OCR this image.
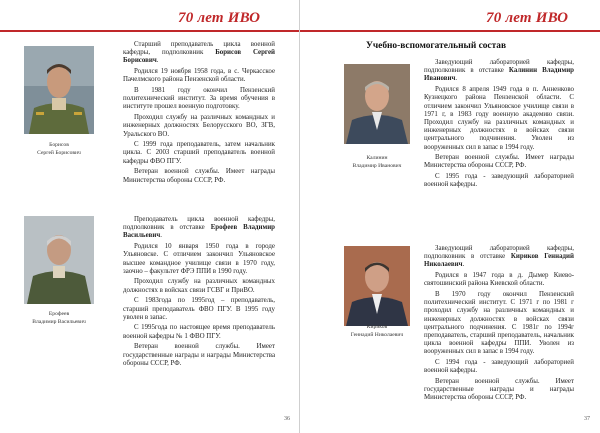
70 лет ИВО
Борисов
Сергей Борисович

Старший преподаватель цикла военной кафедры, подполковник Борисов Сергей Борисович.

Родился 19 ноября 1958 года, в с. Черкасское Пачелмского района Пензенской области.

В 1981 году окончил Пензенский политехнический институт. За время обучения в институте прошел военную подготовку.

Проходил службу на различных командных и инженерных должностях Белорусского ВО, ЗГВ, Уральского ВО.

С 1999 года преподаватель, затем начальник цикла. С 2003 старший преподаватель военной кафедры ФВО ПГУ.

Ветеран военной службы. Имеет награды Министерства обороны СССР, РФ.

Ерофеев
Владимир Васильевич

Преподаватель цикла военной кафедры, подполковник в отставке Ерофеев Владимир Васильевич.

Родился 10 января 1950 года в городе Ульяновске. С отличием закончил Ульяновское высшее командное училище связи в 1970 году, заочно – факультет ФРЭ ППИ в 1990 году.

Проходил службу на различных командных должностях в войсках связи ГСВГ и ПриВО.

С 1983года по 1995год – преподаватель, старший преподаватель ФВО ПГУ. В 1995 году уволен в запас.

С 1995года по настоящее время преподаватель военной кафедры № 1 ФВО ПГУ.

Ветеран военной службы. Имеет государственные награды и награды Министерства обороны СССР, РФ.

36
70 лет ИВО
Учебно-вспомогательный состав
Калинин
Владимир Иванович

Заведующий лабораторией кафедры, подполковник в отставке Калинин Владимир Иванович.

Родился 8 апреля 1949 года в п. Анненково Кузнецкого района Пензенской области. С отличием закончил Ульяновское училище связи в 1971 г, в 1983 году военную академию связи. Проходил службу на различных командных и инженерных должностях в войсках связи центрального подчинения. Уволен из вооруженных сил в запас в 1994 году.

Ветеран военной службы. Имеет награды Министерства обороны СССР, РФ.

С 1995 года - заведующий лабораторией военной кафедры.

Кириков
Геннадий Николаевич

Заведующий лабораторией кафедры, подполковник в отставке Кириков Геннадий Николаевич.

Родился в 1947 года в д. Дымер Киево-святошинский района Киевской области.

В 1970 году окончил Пензенский политехнический институт. С 1971 г по 1981 г проходил службу на различных командных и инженерных должностях в войсках связи центрального подчинения. С 1981г по 1994г преподаватель, старший преподаватель, начальник цикла военной кафедры ППИ. Уволен из вооруженных сил в запас в 1994 году.

С 1994 года - заведующий лабораторией военной кафедры.

Ветеран военной службы. Имеет государственные награды и награды Министерства обороны СССР, РФ.

37
